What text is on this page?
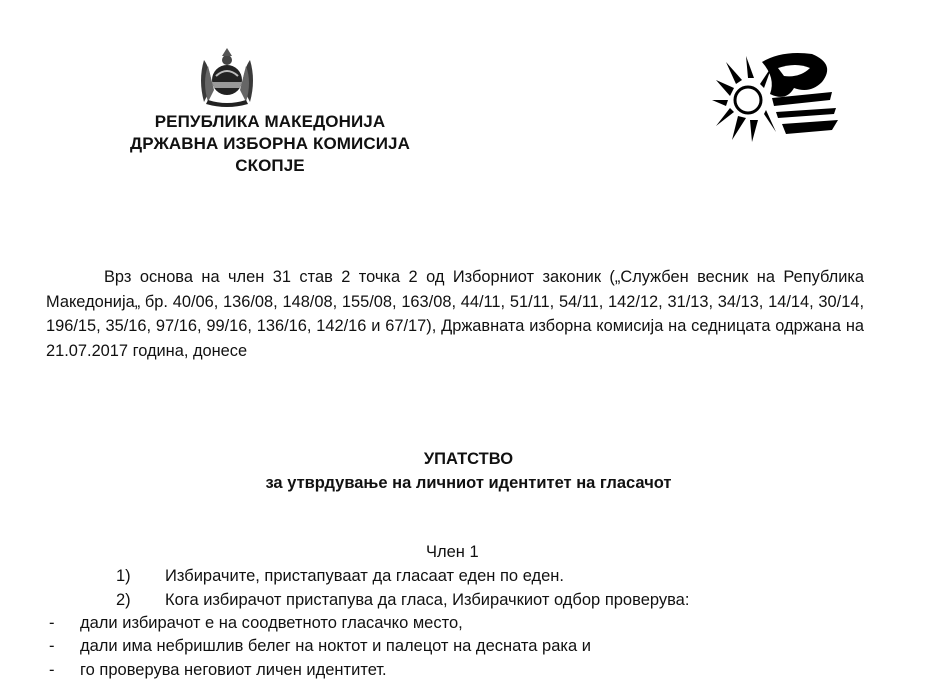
РЕПУБЛИКА МАКЕДОНИЈА
ДРЖАВНА ИЗБОРНА КОМИСИЈА
СКОПЈЕ

Врз основа на член 31 став 2 точка 2 од Изборниот законик („Службен весник на Република Македонија„ бр. 40/06, 136/08, 148/08, 155/08, 163/08, 44/11, 51/11, 54/11, 142/12, 31/13, 34/13, 14/14, 30/14, 196/15, 35/16, 97/16, 99/16, 136/16, 142/16 и 67/17), Државната изборна комисија на седницата одржана на 21.07.2017 година, донесе

УПАТСТВО
за утврдување на личниот идентитет на гласачот
Член 1
1) Избирачите, пристапуваат да гласаат еден по еден.
2) Кога избирачот пристапува да гласа, Избирачкиот одбор проверува:
- дали избирачот е на соодветното гласачко место,
- дали има небришлив белег на ноктот и палецот на десната рака и
- го проверува неговиот личен идентитет.
